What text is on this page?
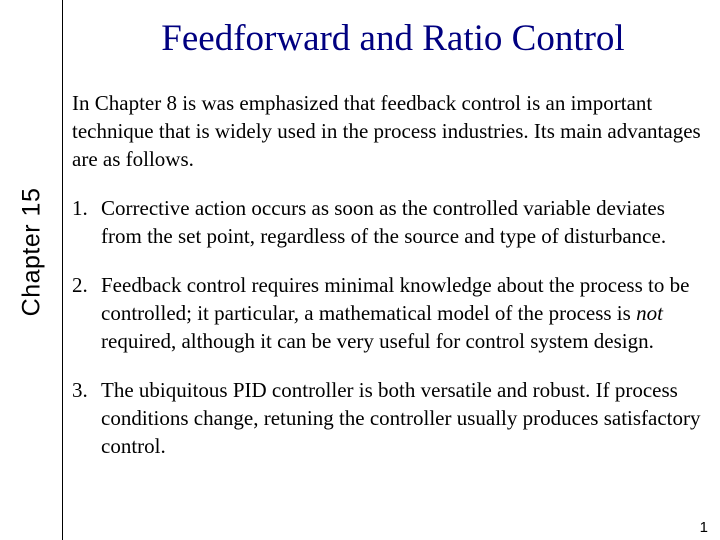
Chapter 15
Feedforward and Ratio Control

In Chapter 8 is was emphasized that feedback control is an important technique that is widely used in the process industries. Its main advantages are as follows.

1. Corrective action occurs as soon as the controlled variable deviates from the set point, regardless of the source and type of disturbance.
2. Feedback control requires minimal knowledge about the process to be controlled; it particular, a mathematical model of the process is not required, although it can be very useful for control system design.
3. The ubiquitous PID controller is both versatile and robust. If process conditions change, retuning the controller usually produces satisfactory control.
1
